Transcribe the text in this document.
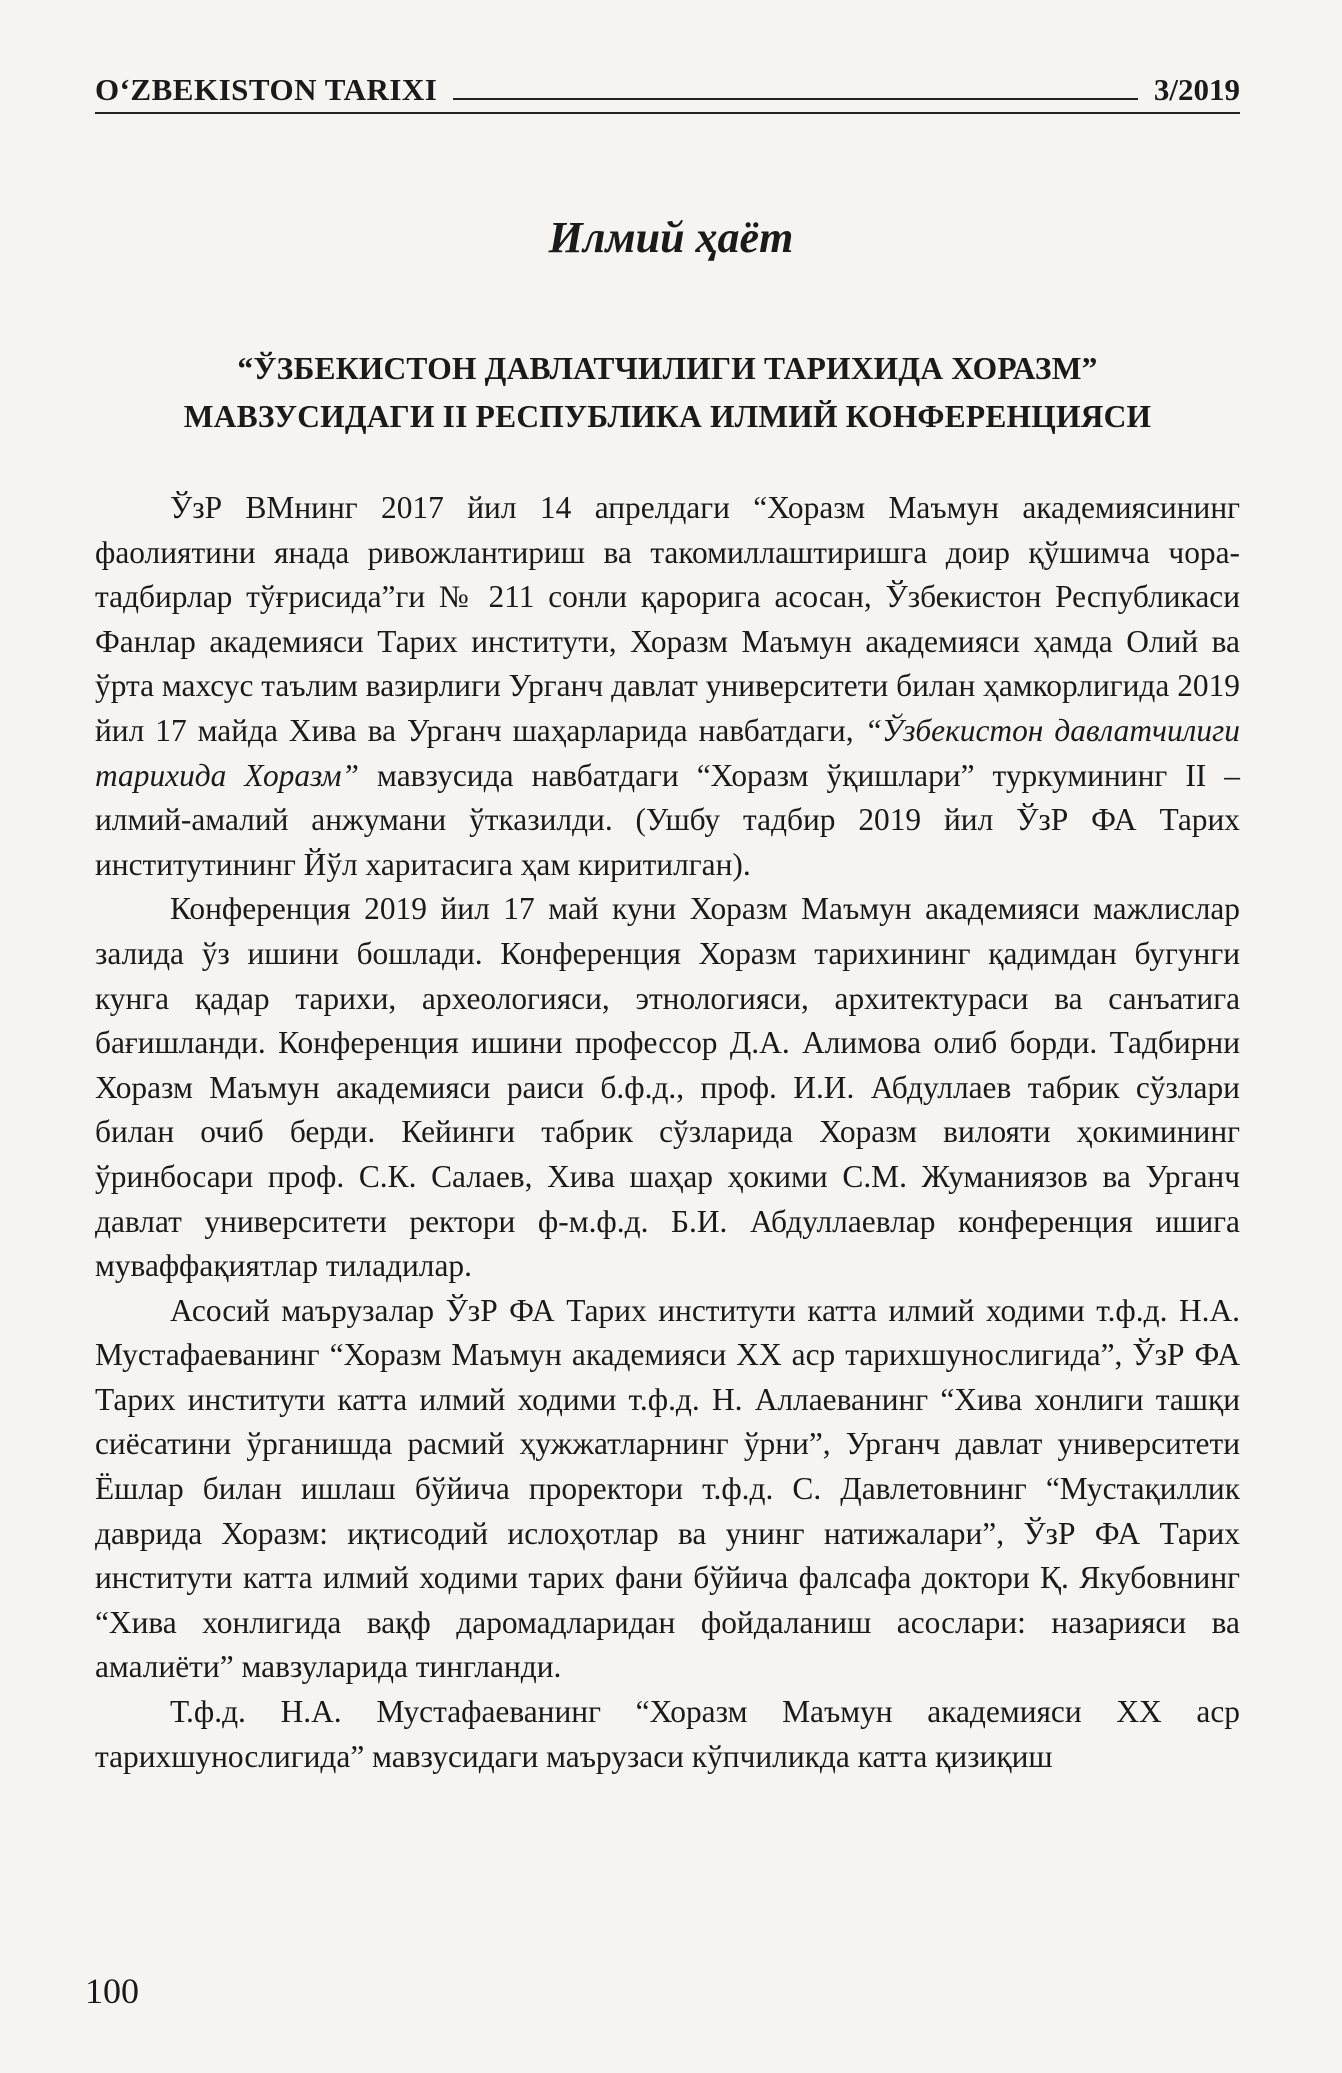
O‘ZBEKISTON TARIXI	3/2019
Илмий ҳаёт
“ЎЗБЕКИСТОН ДАВЛАТЧИЛИГИ ТАРИХИДА ХОРАЗМ”
МАВЗУСИДАГИ II РЕСПУБЛИКА ИЛМИЙ КОНФЕРЕНЦИЯСИ

ЎзР ВМнинг 2017 йил 14 апрелдаги “Хоразм Маъмун академиясининг фаолиятини янада ривожлантириш ва такомиллаштиришга доир қўшимча чора-тадбирлар тўғрисида”ги № 211 сонли қарорига асосан, Ўзбекистон Республикаси Фанлар академияси Тарих институти, Хоразм Маъмун академияси ҳамда Олий ва ўрта махсус таълим вазирлиги Урганч давлат университети билан ҳамкорлигида 2019 йил 17 майда Хива ва Урганч шаҳарларида навбатдаги, “Ўзбекистон давлатчилиги тарихида Хоразм” мавзусида навбатдаги “Хоразм ўқишлари” туркумининг II – илмий-амалий анжумани ўтказилди. (Ушбу тадбир 2019 йил ЎзР ФА Тарих институтининг Йўл харитасига ҳам киритилган).

Конференция 2019 йил 17 май куни Хоразм Маъмун академияси мажлислар залида ўз ишини бошлади. Конференция Хоразм тарихининг қадимдан бугунги кунга қадар тарихи, археологияси, этнологияси, архитектураси ва санъатига бағишланди. Конференция ишини профессор Д.А. Алимова олиб борди. Тадбирни Хоразм Маъмун академияси раиси б.ф.д., проф. И.И. Абдуллаев табрик сўзлари билан очиб берди. Кейинги табрик сўзларида Хоразм вилояти ҳокимининг ўринбосари проф. С.К. Салаев, Хива шаҳар ҳокими С.М. Жуманиязов ва Урганч давлат университети ректори ф-м.ф.д. Б.И. Абдуллаевлар конференция ишига муваффақиятлар тиладилар.

Асосий маърузалар ЎзР ФА Тарих институти катта илмий ходими т.ф.д. Н.А. Мустафаеванинг “Хоразм Маъмун академияси XX аср тарихшунослигида”, ЎзР ФА Тарих институти катта илмий ходими т.ф.д. Н. Аллаеванинг “Хива хонлиги ташқи сиёсатини ўрганишда расмий ҳужжатларнинг ўрни”, Урганч давлат университети Ёшлар билан ишлаш бўйича проректори т.ф.д. С. Давлетовнинг “Мустақиллик даврида Хоразм: иқтисодий ислоҳотлар ва унинг натижалари”, ЎзР ФА Тарих институти катта илмий ходими тарих фани бўйича фалсафа доктори Қ. Якубовнинг “Хива хонлигида вақф даромадларидан фойдаланиш асослари: назарияси ва амалиёти” мавзуларида тингланди.

Т.ф.д. Н.А. Мустафаеванинг “Хоразм Маъмун академияси XX аср тарихшунослигида” мавзусидаги маърузаси кўпчиликда катта қизиқиш

100
